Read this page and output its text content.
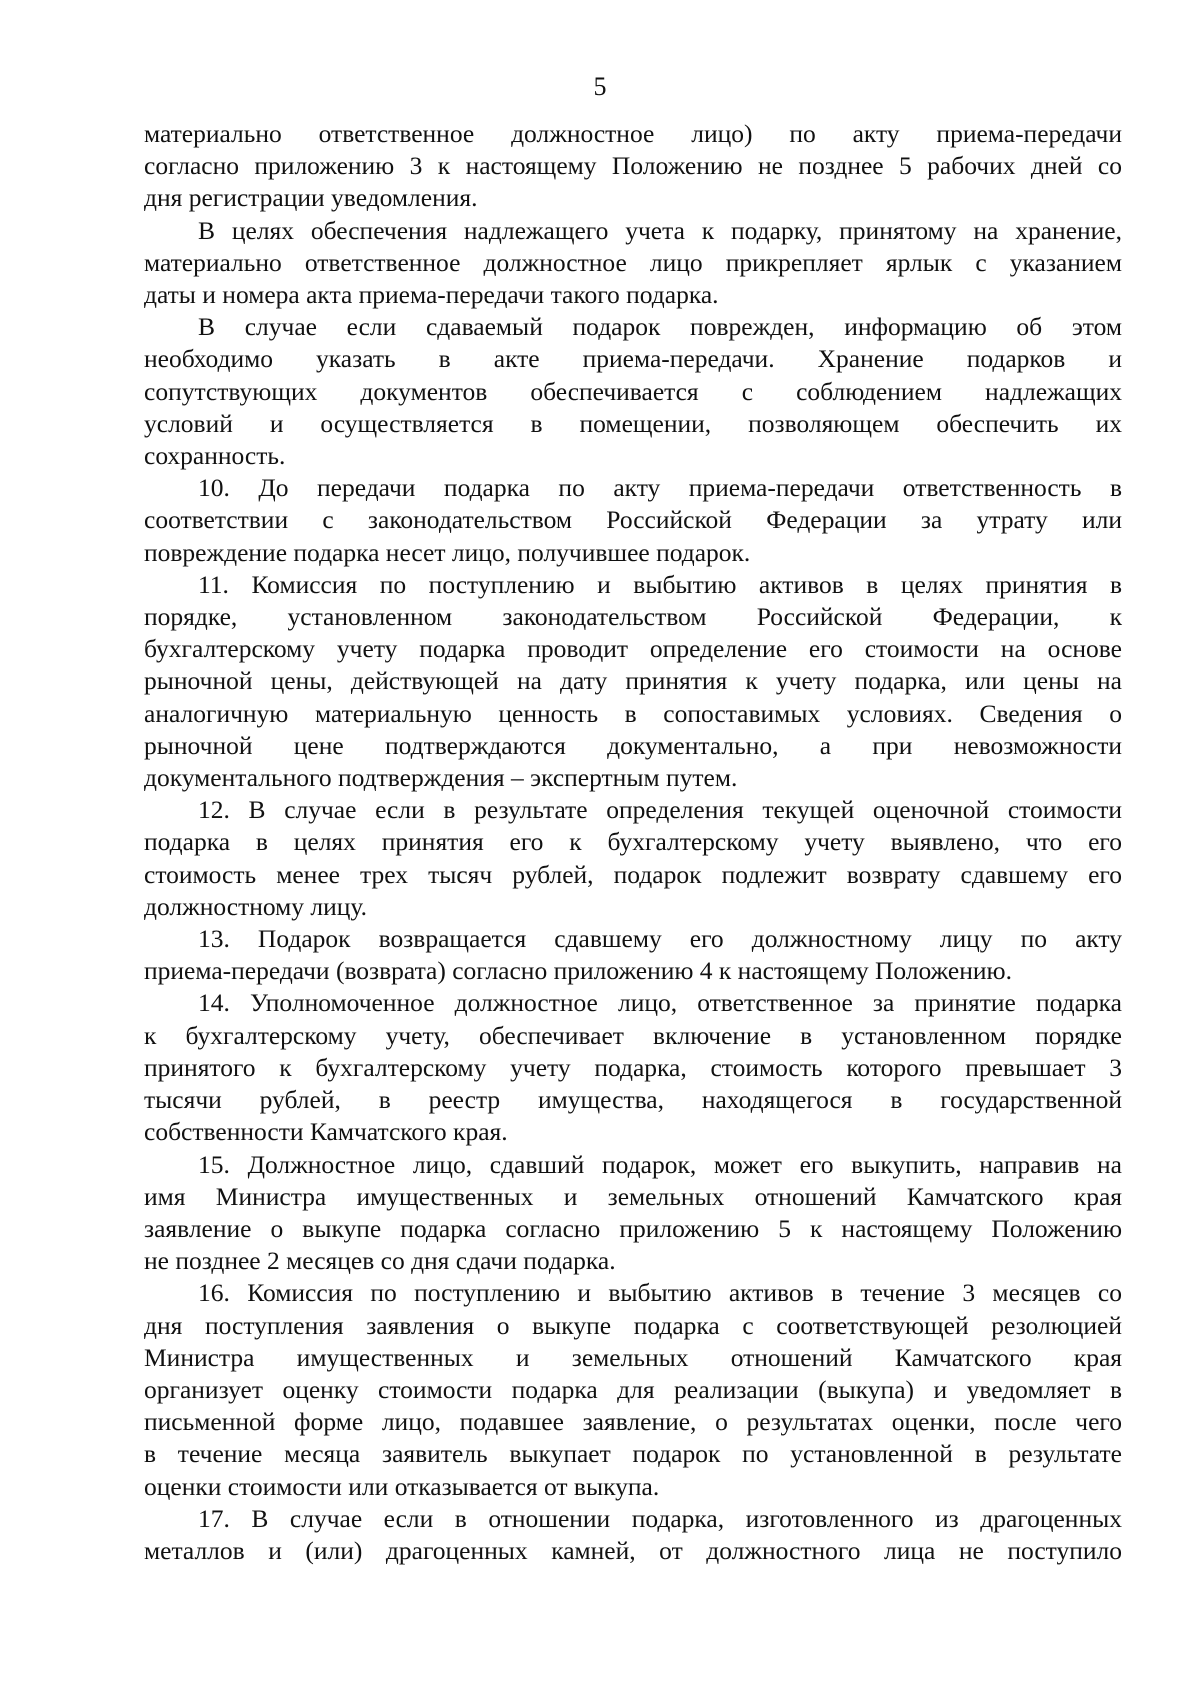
5
материально ответственное должностное лицо) по акту приема-передачи
согласно приложению 3 к настоящему Положению не позднее 5 рабочих дней со
дня регистрации уведомления.
В целях обеспечения надлежащего учета к подарку, принятому на хранение,
материально ответственное должностное лицо прикрепляет ярлык с указанием
даты и номера акта приема-передачи такого подарка.
В случае если сдаваемый подарок поврежден, информацию об этом
необходимо указать в акте приема-передачи. Хранение подарков и
сопутствующих документов обеспечивается с соблюдением надлежащих
условий и осуществляется в помещении, позволяющем обеспечить их
сохранность.
10. До передачи подарка по акту приема-передачи ответственность в
соответствии с законодательством Российской Федерации за утрату или
повреждение подарка несет лицо, получившее подарок.
11. Комиссия по поступлению и выбытию активов в целях принятия в
порядке, установленном законодательством Российской Федерации, к
бухгалтерскому учету подарка проводит определение его стоимости на основе
рыночной цены, действующей на дату принятия к учету подарка, или цены на
аналогичную материальную ценность в сопоставимых условиях. Сведения о
рыночной цене подтверждаются документально, а при невозможности
документального подтверждения – экспертным путем.
12. В случае если в результате определения текущей оценочной стоимости
подарка в целях принятия его к бухгалтерскому учету выявлено, что его
стоимость менее трех тысяч рублей, подарок подлежит возврату сдавшему его
должностному лицу.
13. Подарок возвращается сдавшему его должностному лицу по акту
приема-передачи (возврата) согласно приложению 4 к настоящему Положению.
14. Уполномоченное должностное лицо, ответственное за принятие подарка
к бухгалтерскому учету, обеспечивает включение в установленном порядке
принятого к бухгалтерскому учету подарка, стоимость которого превышает 3
тысячи рублей, в реестр имущества, находящегося в государственной
собственности Камчатского края.
15. Должностное лицо, сдавший подарок, может его выкупить, направив на
имя Министра имущественных и земельных отношений Камчатского края
заявление о выкупе подарка согласно приложению 5 к настоящему Положению
не позднее 2 месяцев со дня сдачи подарка.
16. Комиссия по поступлению и выбытию активов в течение 3 месяцев со
дня поступления заявления о выкупе подарка с соответствующей резолюцией
Министра имущественных и земельных отношений Камчатского края
организует оценку стоимости подарка для реализации (выкупа) и уведомляет в
письменной форме лицо, подавшее заявление, о результатах оценки, после чего
в течение месяца заявитель выкупает подарок по установленной в результате
оценки стоимости или отказывается от выкупа.
17. В случае если в отношении подарка, изготовленного из драгоценных
металлов и (или) драгоценных камней, от должностного лица не поступило
